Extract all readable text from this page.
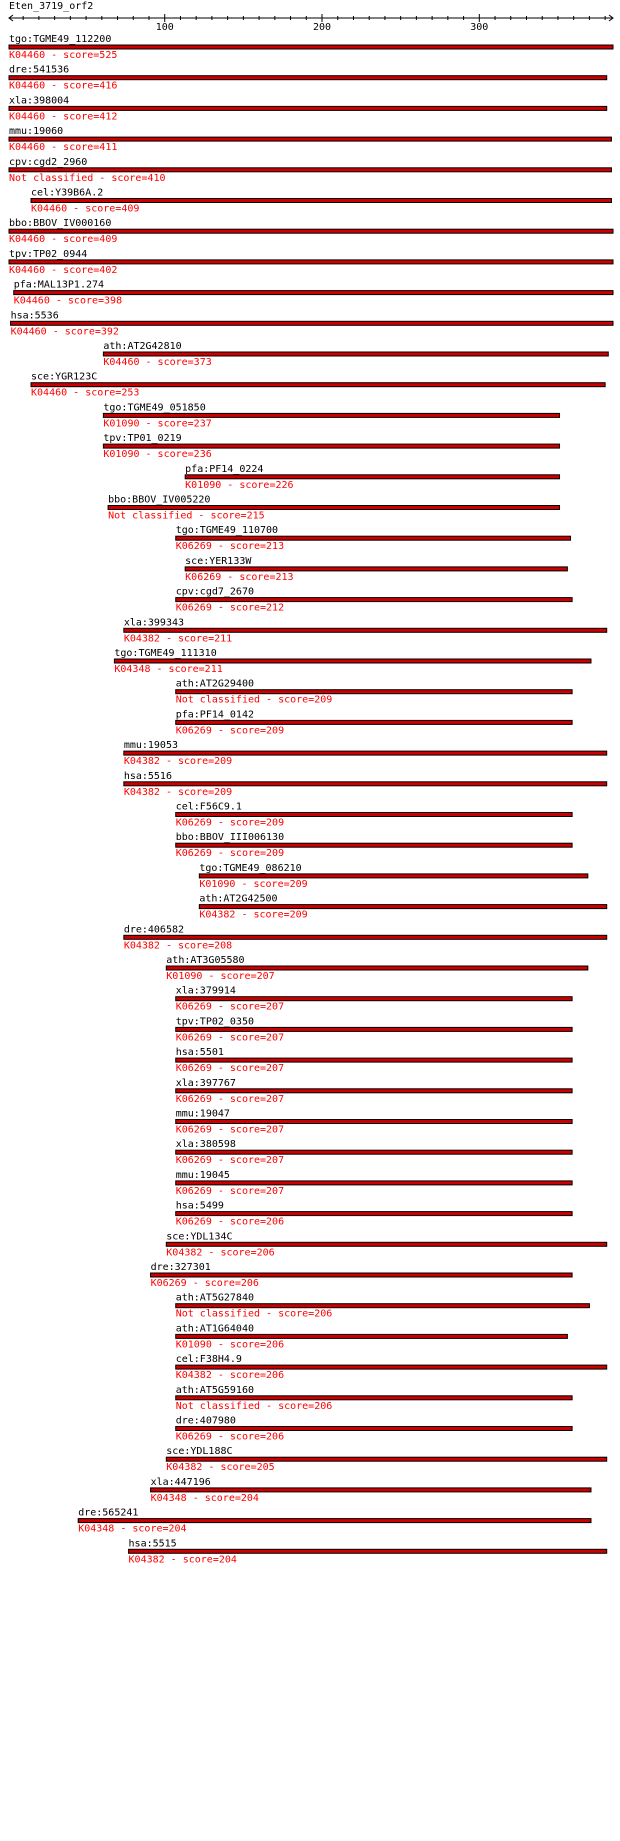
Eten_3719_orf2
100	200	300
tgo:TGME49_112200
K04460 - score=525
dre:541536
K04460 - score=416
xla:398004
K04460 - score=412
mmu:19060
K04460 - score=411
cpv:cgd2_2960
Not classified - score=410
cel:Y39B6A.2
K04460 - score=409
bbo:BBOV_IV000160
K04460 - score=409
tpv:TP02_0944
K04460 - score=402
pfa:MAL13P1.274
K04460 - score=398
hsa:5536
K04460 - score=392
ath:AT2G42810
K04460 - score=373
sce:YGR123C
K04460 - score=253
tgo:TGME49_051850
K01090 - score=237
tpv:TP01_0219
K01090 - score=236
pfa:PF14_0224
K01090 - score=226
bbo:BBOV_IV005220
Not classified - score=215
tgo:TGME49_110700
K06269 - score=213
sce:YER133W
K06269 - score=213
cpv:cgd7_2670
K06269 - score=212
xla:399343
K04382 - score=211
tgo:TGME49_111310
K04348 - score=211
ath:AT2G29400
Not classified - score=209
pfa:PF14_0142
K06269 - score=209
mmu:19053
K04382 - score=209
hsa:5516
K04382 - score=209
cel:F56C9.1
K06269 - score=209
bbo:BBOV_III006130
K06269 - score=209
tgo:TGME49_086210
K01090 - score=209
ath:AT2G42500
K04382 - score=209
dre:406582
K04382 - score=208
ath:AT3G05580
K01090 - score=207
xla:379914
K06269 - score=207
tpv:TP02_0350
K06269 - score=207
hsa:5501
K06269 - score=207
xla:397767
K06269 - score=207
mmu:19047
K06269 - score=207
xla:380598
K06269 - score=207
mmu:19045
K06269 - score=207
hsa:5499
K06269 - score=206
sce:YDL134C
K04382 - score=206
dre:327301
K06269 - score=206
ath:AT5G27840
Not classified - score=206
ath:AT1G64040
K01090 - score=206
cel:F38H4.9
K04382 - score=206
ath:AT5G59160
Not classified - score=206
dre:407980
K06269 - score=206
sce:YDL188C
K04382 - score=205
xla:447196
K04348 - score=204
dre:565241
K04348 - score=204
hsa:5515
K04382 - score=204
